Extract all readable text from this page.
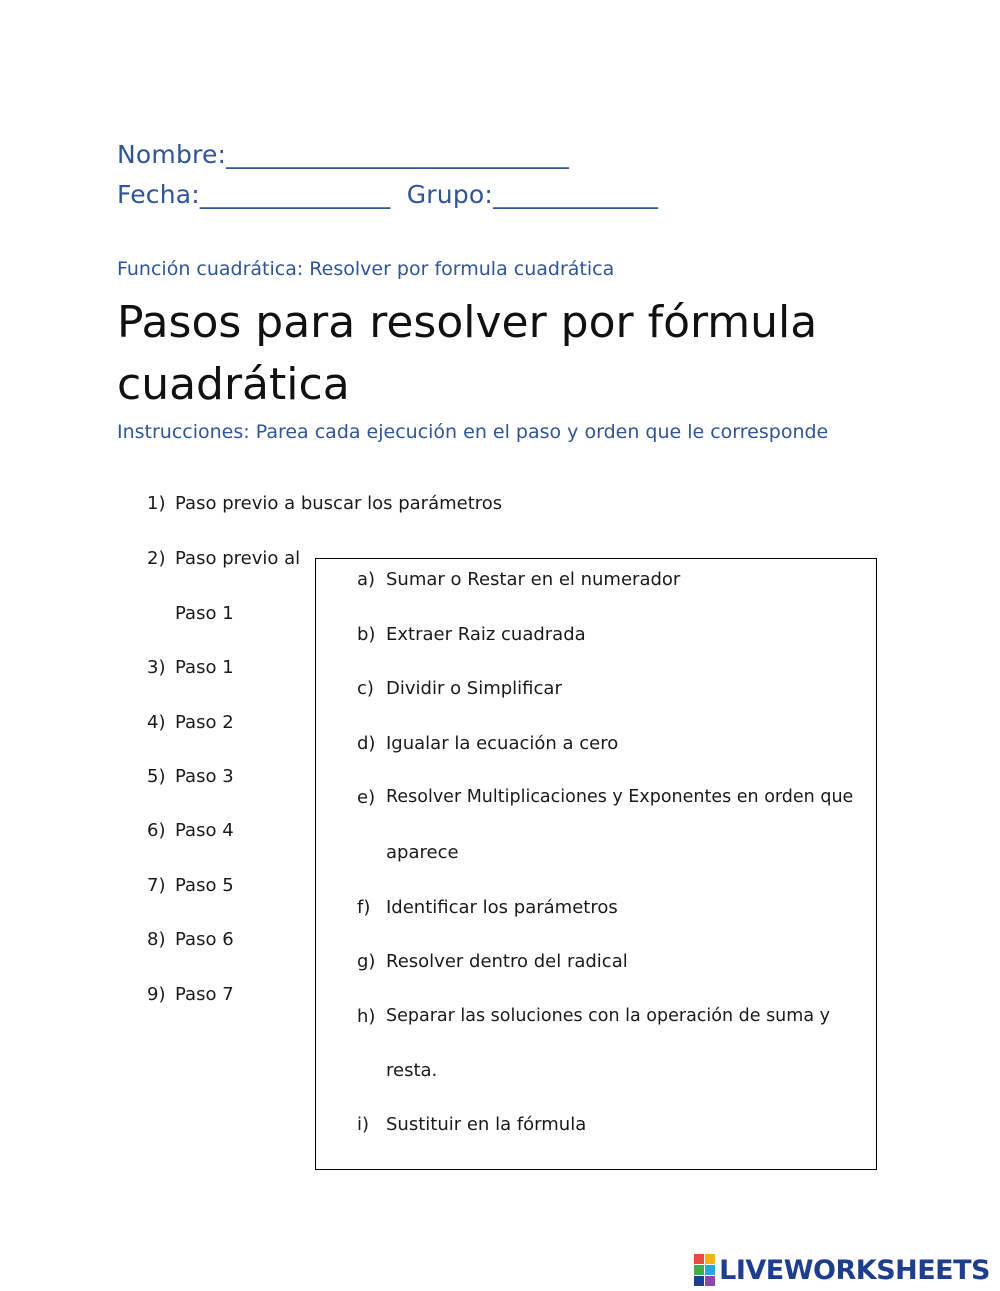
Nombre:___________________________
Fecha:_______________  Grupo:_____________
Función cuadrática: Resolver por formula cuadrática
Pasos para resolver por fórmula cuadrática
Instrucciones: Parea cada ejecución en el paso y orden que le corresponde
1) Paso previo a buscar los parámetros
2) Paso previo al
Paso 1
3) Paso 1
4) Paso 2
5) Paso 3
6) Paso 4
7) Paso 5
8) Paso 6
9) Paso 7
a) Sumar o Restar en el numerador
b) Extraer Raiz cuadrada
c) Dividir o Simplificar
d) Igualar la ecuación a cero
e) Resolver Multiplicaciones y Exponentes en orden que
aparece
f) Identificar los parámetros
g) Resolver dentro del radical
h) Separar las soluciones con la operación de suma y
resta.
i) Sustituir en la fórmula
LIVEWORKSHEETS
